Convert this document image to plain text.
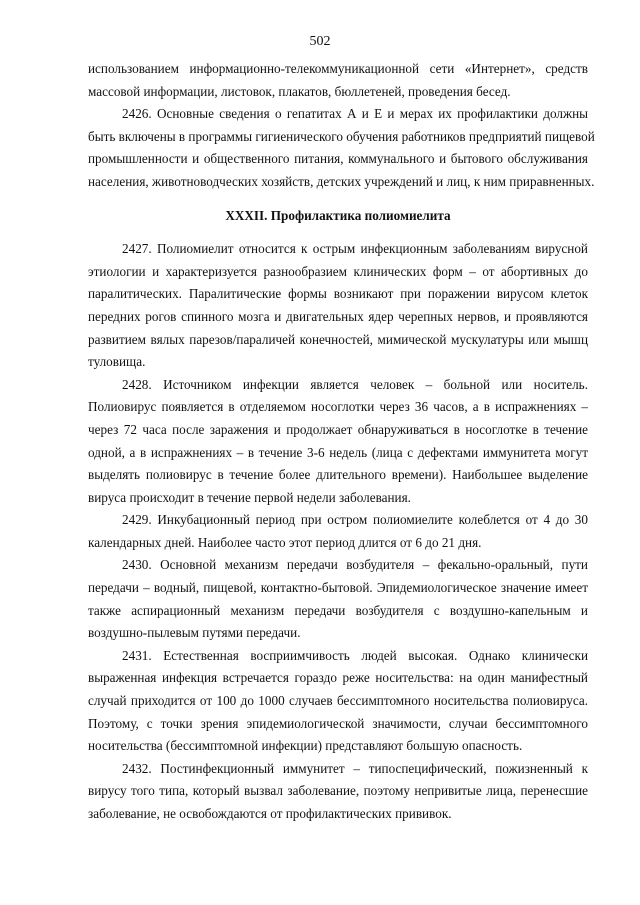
502
использованием информационно-телекоммуникационной сети «Интернет», средств
массовой информации, листовок, плакатов, бюллетеней, проведения бесед.
2426. Основные сведения о гепатитах А и Е и мерах их профилактики должны
быть включены в программы гигиенического обучения работников предприятий пищевой
промышленности и общественного питания, коммунального и бытового обслуживания
населения, животноводческих хозяйств, детских учреждений и лиц, к ним приравненных.
XXXII. Профилактика полиомиелита
2427. Полиомиелит относится к острым инфекционным заболеваниям вирусной
этиологии и характеризуется разнообразием клинических форм – от абортивных до
паралитических. Паралитические формы возникают при поражении вирусом клеток
передних рогов спинного мозга и двигательных ядер черепных нервов, и проявляются
развитием вялых парезов/параличей конечностей, мимической мускулатуры или мышц
туловища.
2428. Источником инфекции является человек – больной или носитель.
Полиовирус появляется в отделяемом носоглотки через 36 часов, а в испражнениях –
через 72 часа после заражения и продолжает обнаруживаться в носоглотке в течение
одной, а в испражнениях – в течение 3-6 недель (лица с дефектами иммунитета могут
выделять полиовирус в течение более длительного времени). Наибольшее выделение
вируса происходит в течение первой недели заболевания.
2429. Инкубационный период при остром полиомиелите колеблется от 4 до 30
календарных дней. Наиболее часто этот период длится от 6 до 21 дня.
2430. Основной механизм передачи возбудителя – фекально-оральный, пути
передачи – водный, пищевой, контактно-бытовой. Эпидемиологическое значение имеет
также аспирационный механизм передачи возбудителя с воздушно-капельным и
воздушно-пылевым путями передачи.
2431. Естественная восприимчивость людей высокая. Однако клинически
выраженная инфекция встречается гораздо реже носительства: на один манифестный
случай приходится от 100 до 1000 случаев бессимптомного носительства полиовируса.
Поэтому, с точки зрения эпидемиологической значимости, случаи бессимптомного
носительства (бессимптомной инфекции) представляют большую опасность.
2432. Постинфекционный иммунитет – типоспецифический, пожизненный к
вирусу того типа, который вызвал заболевание, поэтому непривитые лица, перенесшие
заболевание, не освобождаются от профилактических прививок.
